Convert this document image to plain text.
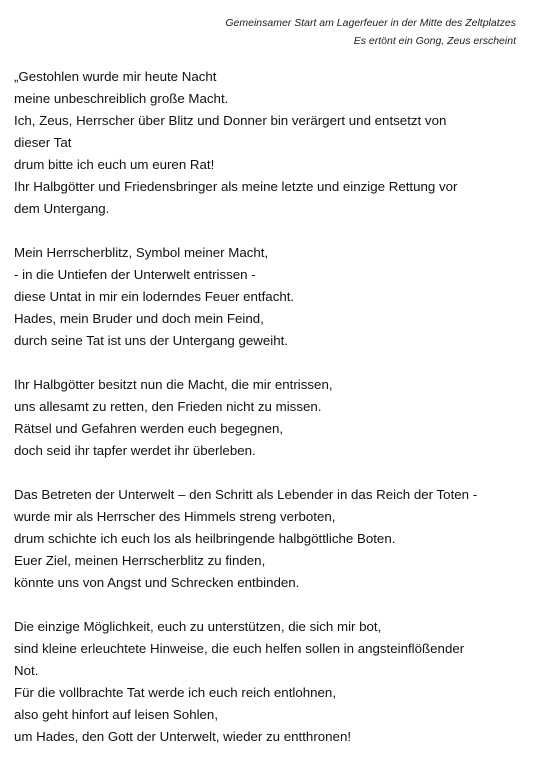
Gemeinsamer Start am Lagerfeuer in der Mitte des Zeltplatzes
Es ertönt ein Gong, Zeus erscheint

„Gestohlen wurde mir heute Nacht
meine unbeschreiblich große Macht.
Ich, Zeus, Herrscher über Blitz und Donner bin verärgert und entsetzt von
dieser Tat
drum bitte ich euch um euren Rat!
Ihr Halbgötter und Friedensbringer als meine letzte und einzige Rettung vor
dem Untergang.

Mein Herrscherblitz, Symbol meiner Macht,
- in die Untiefen der Unterwelt entrissen -
diese Untat in mir ein loderndes Feuer entfacht.
Hades, mein Bruder und doch mein Feind,
durch seine Tat ist uns der Untergang geweiht.

Ihr Halbgötter besitzt nun die Macht, die mir entrissen,
uns allesamt zu retten, den Frieden nicht zu missen.
Rätsel und Gefahren werden euch begegnen,
doch seid ihr tapfer werdet ihr überleben.

Das Betreten der Unterwelt – den Schritt als Lebender in das Reich der Toten -
wurde mir als Herrscher des Himmels streng verboten,
drum schichte ich euch los als heilbringende halbgöttliche Boten.
Euer Ziel, meinen Herrscherblitz zu finden,
könnte uns von Angst und Schrecken entbinden.

Die einzige Möglichkeit, euch zu unterstützen, die sich mir bot,
sind kleine erleuchtete Hinweise, die euch helfen sollen in angsteinflößender
Not.
Für die vollbrachte Tat werde ich euch reich entlohnen,
also geht hinfort auf leisen Sohlen,
um Hades, den Gott der Unterwelt, wieder zu entthronen!
